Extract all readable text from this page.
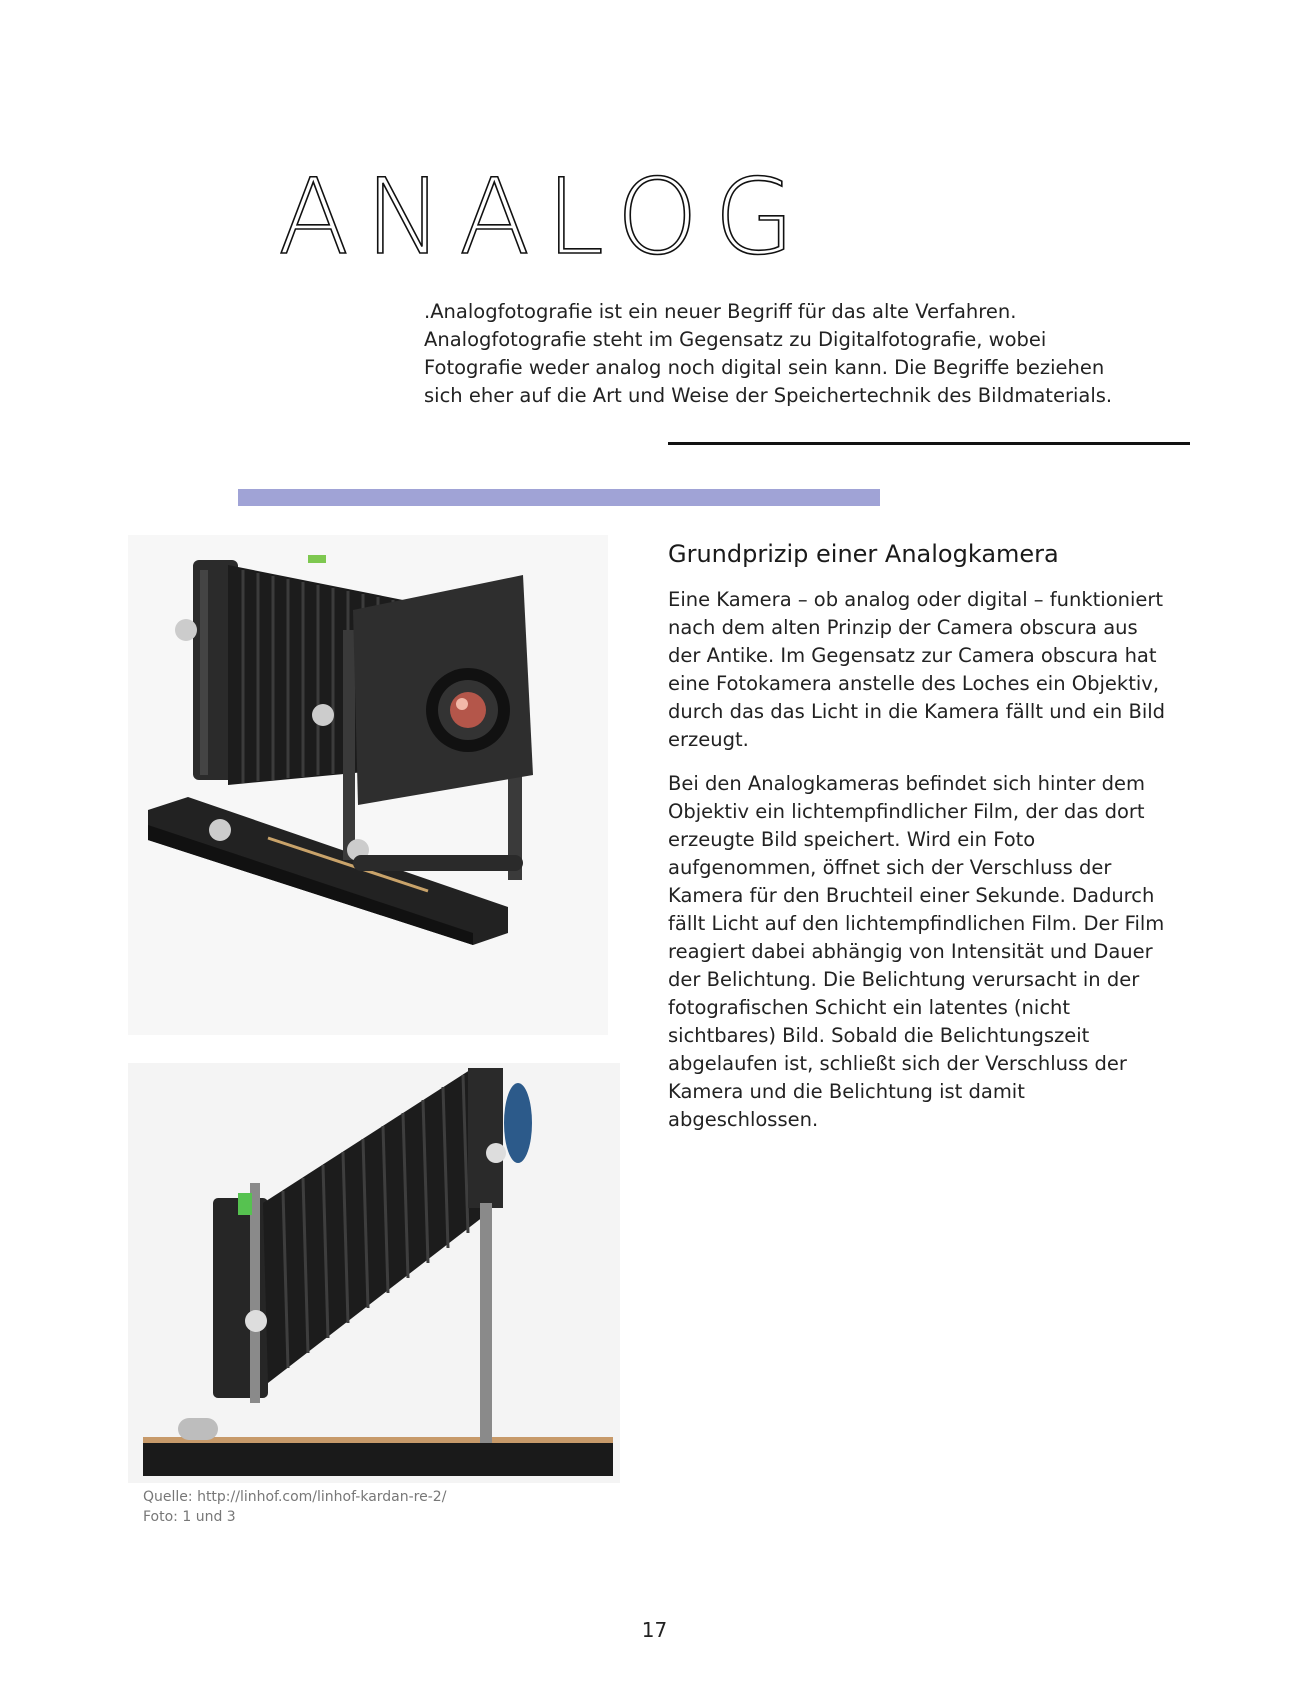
ANALOG

.Analogfotografie ist ein neuer Begriff für das alte Verfahren.

Analogfotografie steht im Gegensatz zu Digitalfotografie, wobei

Fotografie weder analog noch digital sein kann. Die Begriffe beziehen

sich eher auf die Art und Weise der Speichertechnik des Bildmaterials.

Quelle: http://linhof.com/linhof-kardan-re-2/
Foto: 1 und 3
Grundprizip einer Analogkamera

Eine Kamera – ob analog oder digital – funktioniert nach dem alten Prinzip der Camera obscura aus der Antike. Im Gegensatz zur Camera obscura hat eine Fotokamera anstelle des Loches ein Objektiv, durch das das Licht in die Kamera fällt und ein Bild erzeugt.

Bei den Analogkameras befindet sich hinter dem Objektiv ein lichtempfindlicher Film, der das dort erzeugte Bild speichert. Wird ein Foto aufgenommen, öffnet sich der Verschluss der Kamera für den Bruchteil einer Sekunde. Dadurch fällt Licht auf den lichtempfindlichen Film. Der Film reagiert dabei abhängig von Intensität und Dauer der Belichtung. Die Belichtung verursacht in der fotografischen Schicht ein latentes (nicht sichtbares) Bild. Sobald die Belichtungszeit abgelaufen ist, schließt sich der Verschluss der Kamera und die Belichtung ist damit abgeschlossen.

17
